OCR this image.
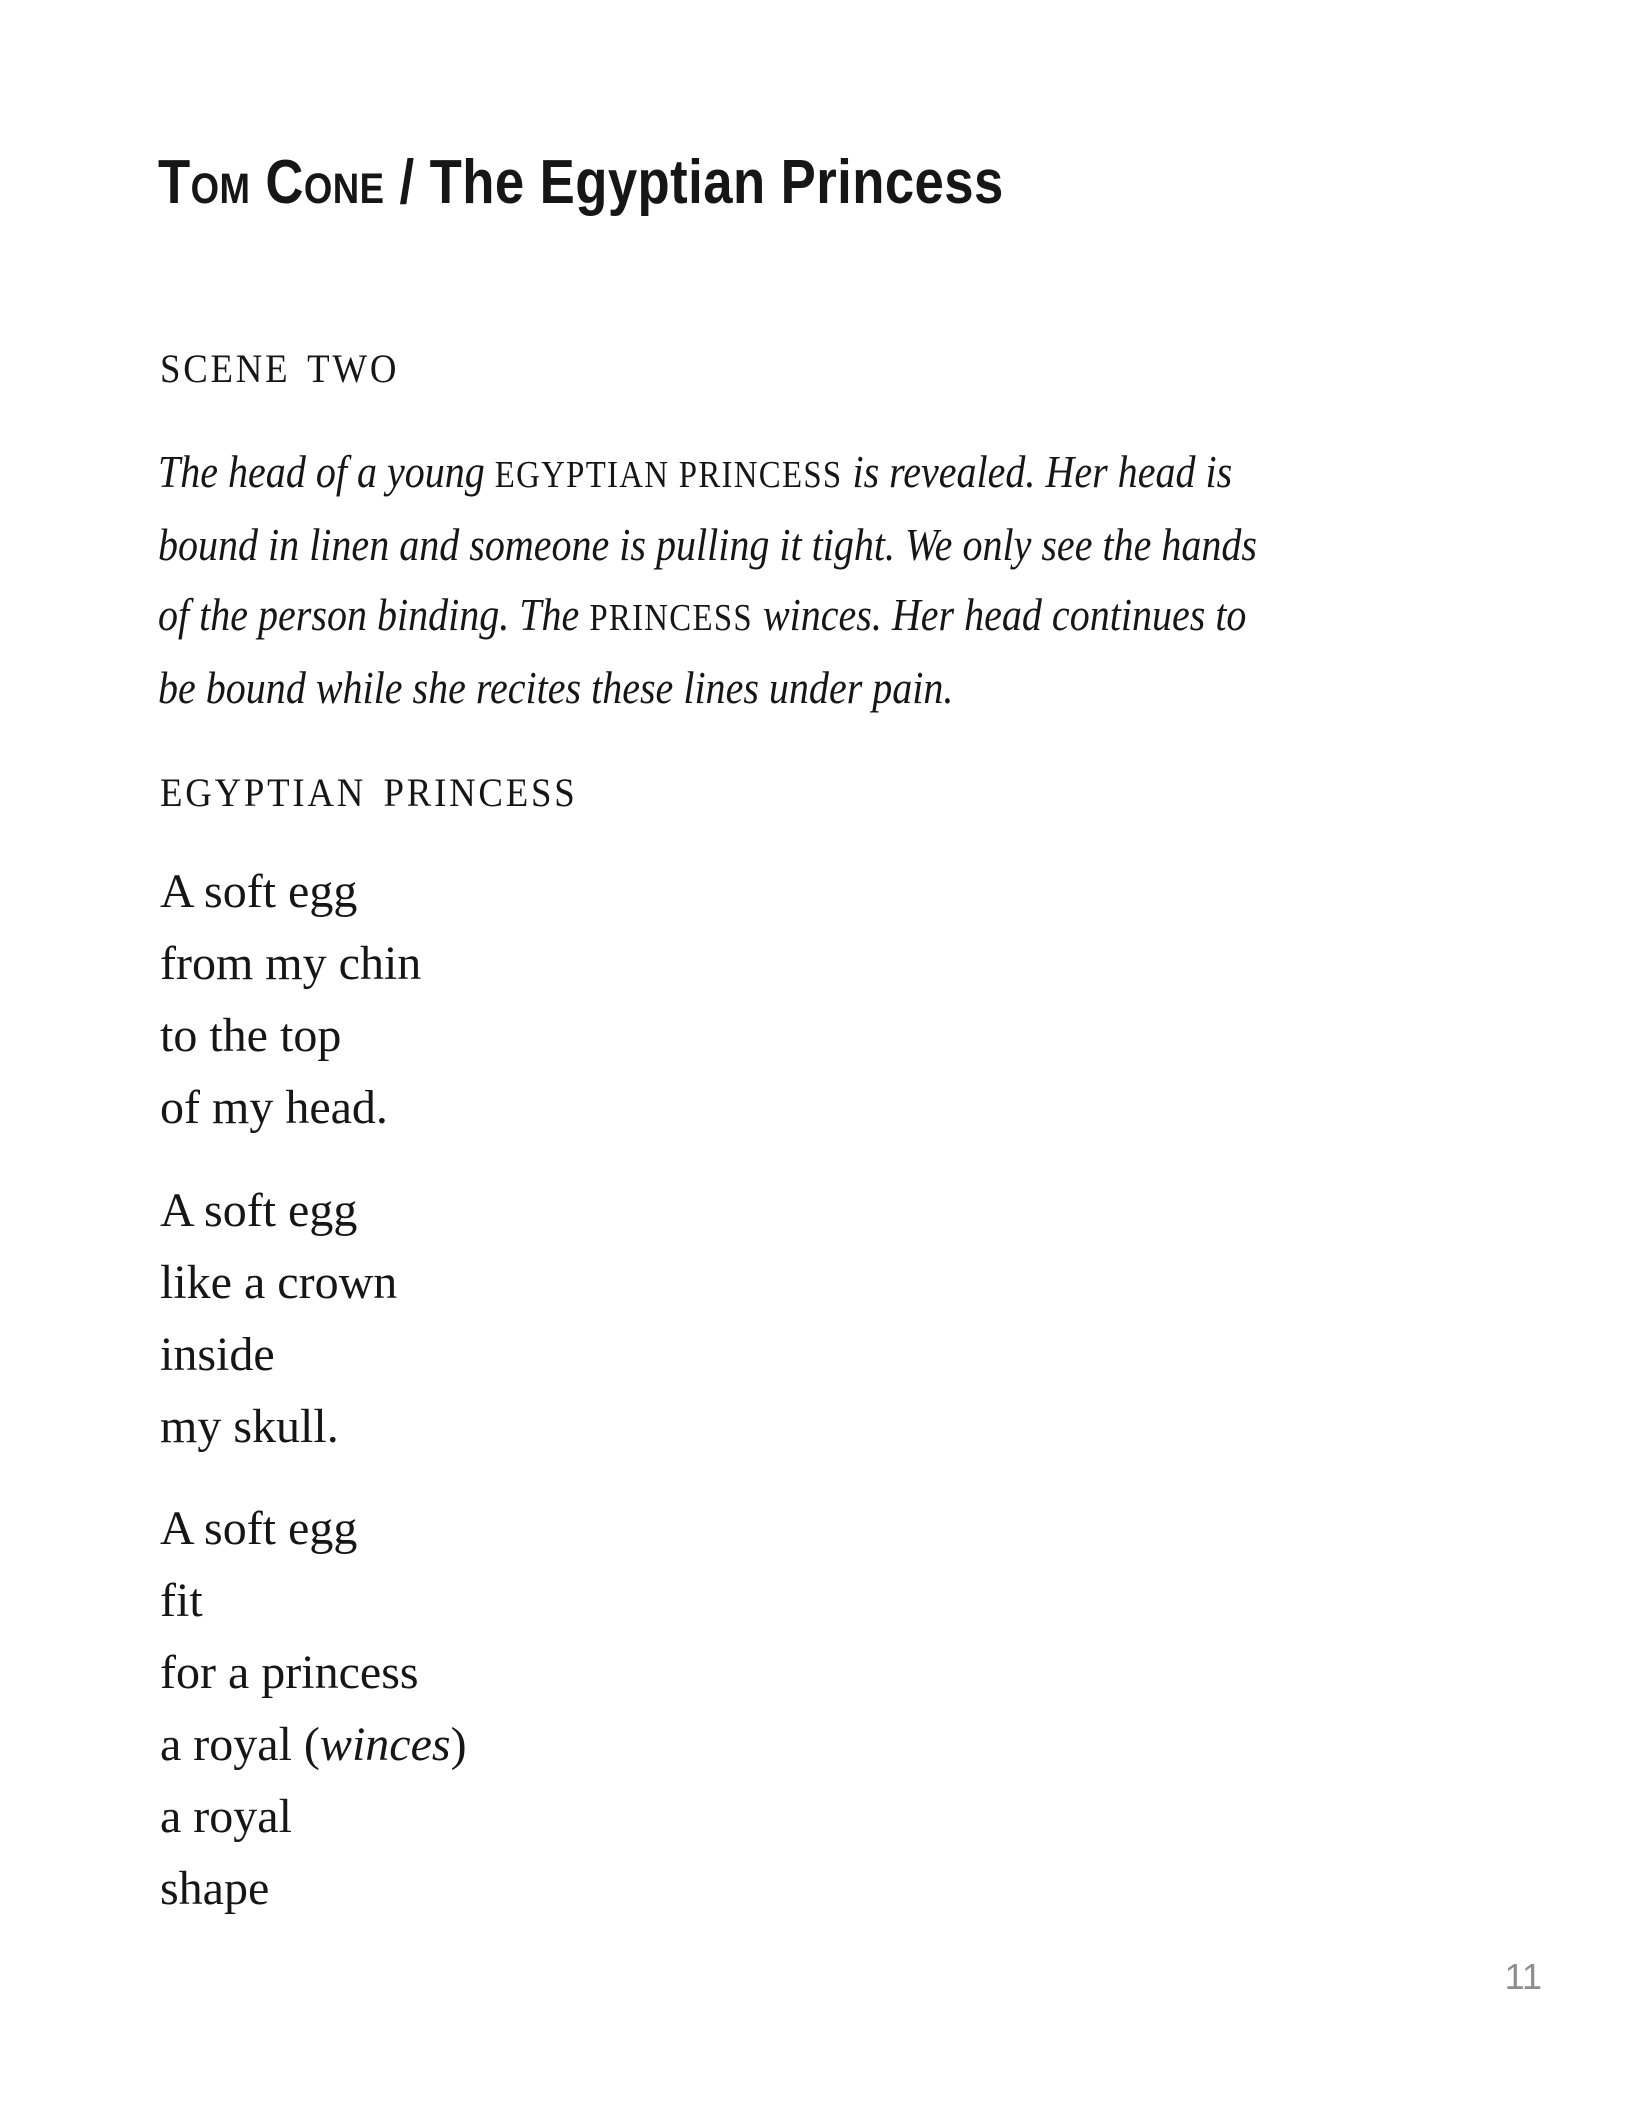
Tom Cone / The Egyptian Princess
SCENE TWO
The head of a young EGYPTIAN PRINCESS is revealed. Her head is
bound in linen and someone is pulling it tight. We only see the hands
of the person binding. The PRINCESS winces. Her head continues to
be bound while she recites these lines under pain.
EGYPTIAN PRINCESS
A soft egg
from my chin
to the top
of my head.
A soft egg
like a crown
inside
my skull.
A soft egg
fit
for a princess
a royal (winces)
a royal
shape
11
